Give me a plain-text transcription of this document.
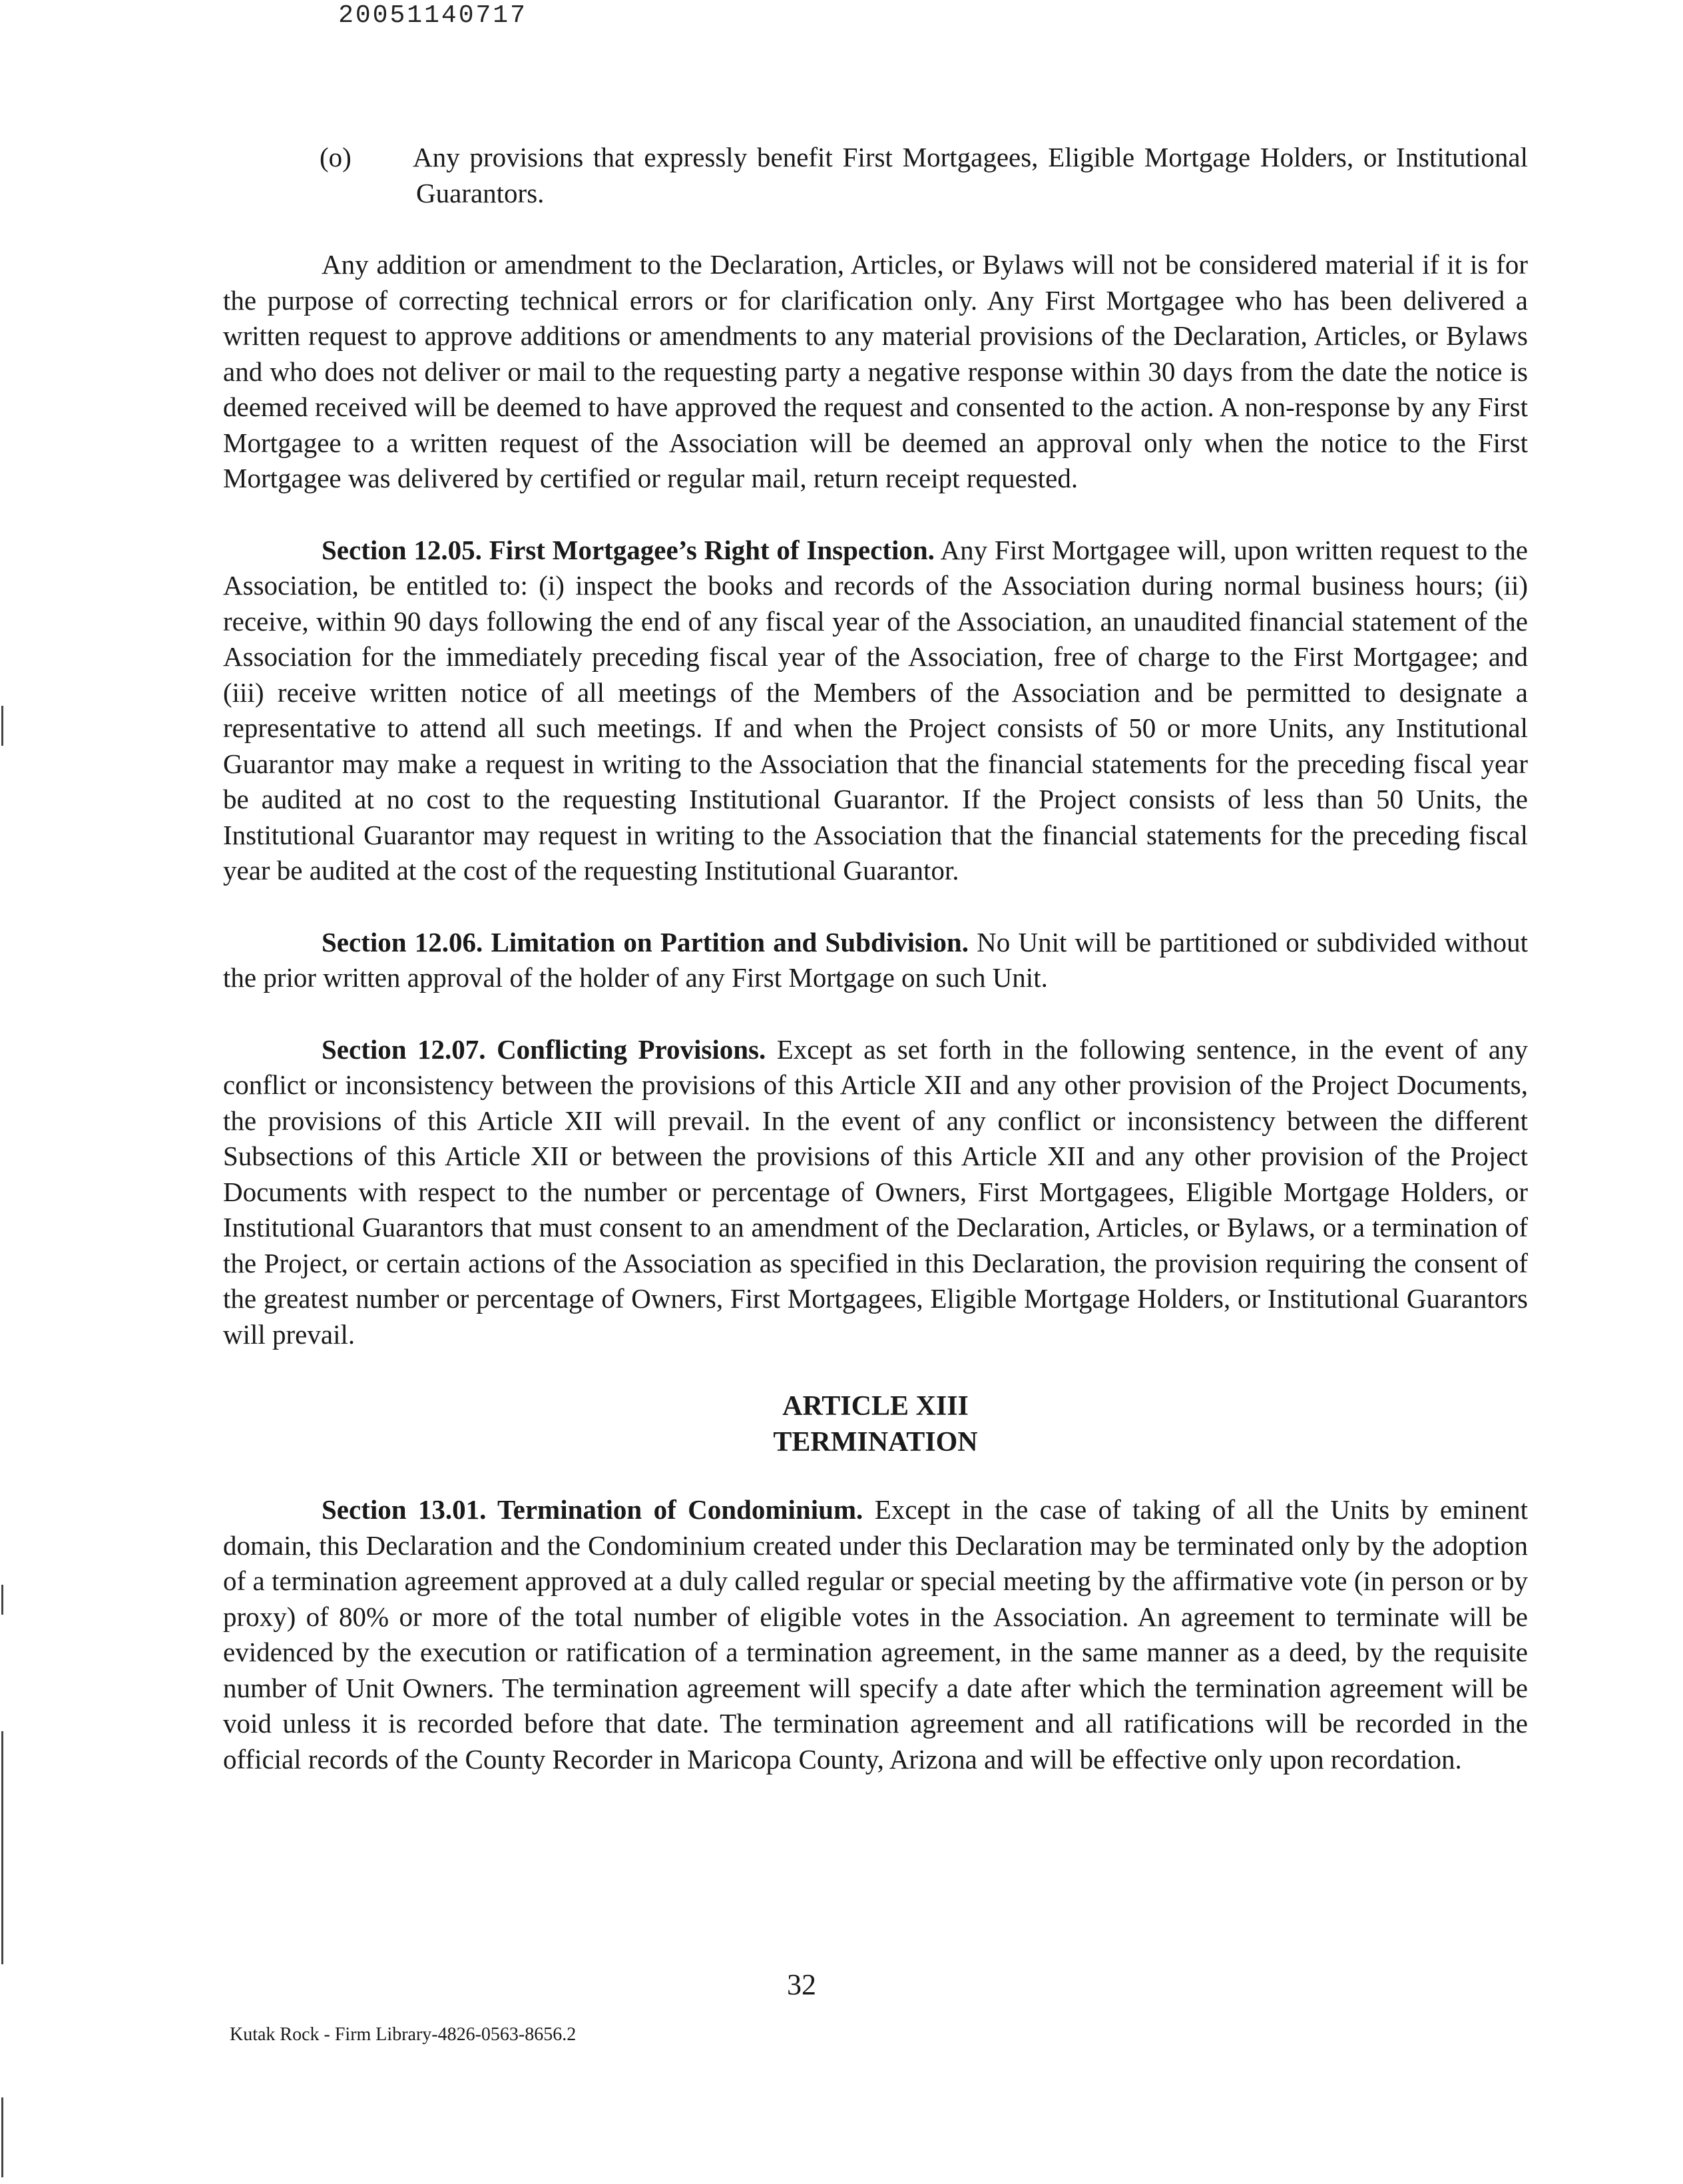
20051140717

(o) Any provisions that expressly benefit First Mortgagees, Eligible Mortgage Holders, or Institutional Guarantors.

Any addition or amendment to the Declaration, Articles, or Bylaws will not be considered material if it is for the purpose of correcting technical errors or for clarification only. Any First Mortgagee who has been delivered a written request to approve additions or amendments to any material provisions of the Declaration, Articles, or Bylaws and who does not deliver or mail to the requesting party a negative response within 30 days from the date the notice is deemed received will be deemed to have approved the request and consented to the action. A non-response by any First Mortgagee to a written request of the Association will be deemed an approval only when the notice to the First Mortgagee was delivered by certified or regular mail, return receipt requested.

Section 12.05. First Mortgagee’s Right of Inspection. Any First Mortgagee will, upon written request to the Association, be entitled to: (i) inspect the books and records of the Association during normal business hours; (ii) receive, within 90 days following the end of any fiscal year of the Association, an unaudited financial statement of the Association for the immediately preceding fiscal year of the Association, free of charge to the First Mortgagee; and (iii) receive written notice of all meetings of the Members of the Association and be permitted to designate a representative to attend all such meetings. If and when the Project consists of 50 or more Units, any Institutional Guarantor may make a request in writing to the Association that the financial statements for the preceding fiscal year be audited at no cost to the requesting Institutional Guarantor. If the Project consists of less than 50 Units, the Institutional Guarantor may request in writing to the Association that the financial statements for the preceding fiscal year be audited at the cost of the requesting Institutional Guarantor.

Section 12.06. Limitation on Partition and Subdivision. No Unit will be partitioned or subdivided without the prior written approval of the holder of any First Mortgage on such Unit.

Section 12.07. Conflicting Provisions. Except as set forth in the following sentence, in the event of any conflict or inconsistency between the provisions of this Article XII and any other provision of the Project Documents, the provisions of this Article XII will prevail. In the event of any conflict or inconsistency between the different Subsections of this Article XII or between the provisions of this Article XII and any other provision of the Project Documents with respect to the number or percentage of Owners, First Mortgagees, Eligible Mortgage Holders, or Institutional Guarantors that must consent to an amendment of the Declaration, Articles, or Bylaws, or a termination of the Project, or certain actions of the Association as specified in this Declaration, the provision requiring the consent of the greatest number or percentage of Owners, First Mortgagees, Eligible Mortgage Holders, or Institutional Guarantors will prevail.

ARTICLE XIII
TERMINATION

Section 13.01. Termination of Condominium. Except in the case of taking of all the Units by eminent domain, this Declaration and the Condominium created under this Declaration may be terminated only by the adoption of a termination agreement approved at a duly called regular or special meeting by the affirmative vote (in person or by proxy) of 80% or more of the total number of eligible votes in the Association. An agreement to terminate will be evidenced by the execution or ratification of a termination agreement, in the same manner as a deed, by the requisite number of Unit Owners. The termination agreement will specify a date after which the termination agreement will be void unless it is recorded before that date. The termination agreement and all ratifications will be recorded in the official records of the County Recorder in Maricopa County, Arizona and will be effective only upon recordation.

32
Kutak Rock - Firm Library-4826-0563-8656.2
